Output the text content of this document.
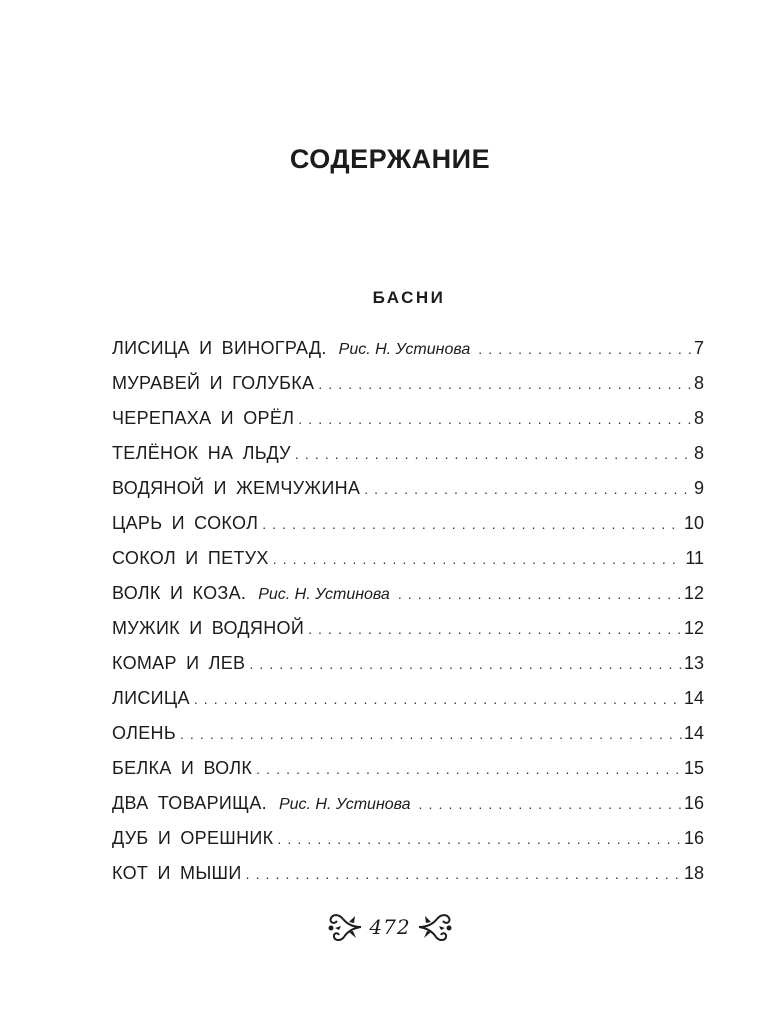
СОДЕРЖАНИЕ
БАСНИ
ЛИСИЦА И ВИНОГРАД. Рис. Н. Устинова . . .	7
МУРАВЕЙ И ГОЛУБКА . . .	8
ЧЕРЕПАХА И ОРЁЛ . . .	8
ТЕЛЁНОК НА ЛЬДУ . . .	8
ВОДЯНОЙ И ЖЕМЧУЖИНА . . .	9
ЦАРЬ И СОКОЛ . . .	10
СОКОЛ И ПЕТУХ . . .	11
ВОЛК И КОЗА. Рис. Н. Устинова . . .	12
МУЖИК И ВОДЯНОЙ . . .	12
КОМАР И ЛЕВ . . .	13
ЛИСИЦА . . .	14
ОЛЕНЬ . . .	14
БЕЛКА И ВОЛК . . .	15
ДВА ТОВАРИЩА. Рис. Н. Устинова . . .	16
ДУБ И ОРЕШНИК . . .	16
КОТ И МЫШИ . . .	18
472
